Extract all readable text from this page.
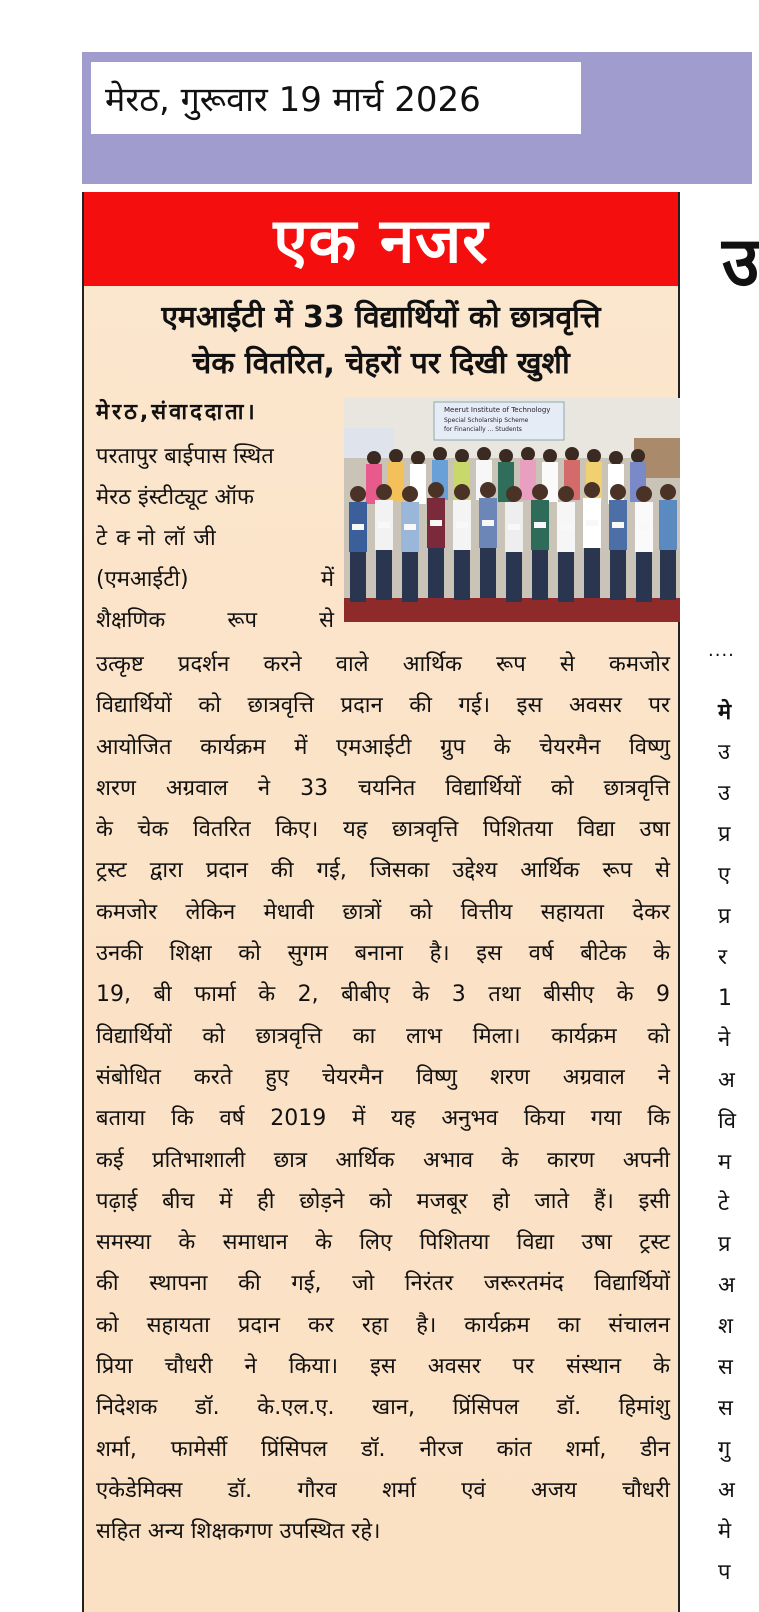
मेरठ, गुरूवार 19 मार्च 2026
एक नजर
एमआईटी में 33 विद्यार्थियों को छात्रवृत्ति
चेक वितरित, चेहरों पर दिखी खुशी
मेरठ,संवाददाता।
परतापुर बाईपास स्थित
मेरठ इंस्टीट्यूट ऑफ
टेक्नोलॉजी
(एमआईटी) में
शैक्षणिक रूप से
Meerut Institute of Technology
Special Scholarship Scheme
for Financially ... Students
उत्कृष्ट प्रदर्शन करने वाले आर्थिक रूप से कमजोर
विद्यार्थियों को छात्रवृत्ति प्रदान की गई। इस अवसर पर
आयोजित कार्यक्रम में एमआईटी ग्रुप के चेयरमैन विष्णु
शरण अग्रवाल ने 33 चयनित विद्यार्थियों को छात्रवृत्ति
के चेक वितरित किए। यह छात्रवृत्ति पिशितया विद्या उषा
ट्रस्ट द्वारा प्रदान की गई, जिसका उद्देश्य आर्थिक रूप से
कमजोर लेकिन मेधावी छात्रों को वित्तीय सहायता देकर
उनकी शिक्षा को सुगम बनाना है। इस वर्ष बीटेक के
19, बी फार्मा के 2, बीबीए के 3 तथा बीसीए के 9
विद्यार्थियों को छात्रवृत्ति का लाभ मिला। कार्यक्रम को
संबोधित करते हुए चेयरमैन विष्णु शरण अग्रवाल ने
बताया कि वर्ष 2019 में यह अनुभव किया गया कि
कई प्रतिभाशाली छात्र आर्थिक अभाव के कारण अपनी
पढ़ाई बीच में ही छोड़ने को मजबूर हो जाते हैं। इसी
समस्या के समाधान के लिए पिशितया विद्या उषा ट्रस्ट
की स्थापना की गई, जो निरंतर जरूरतमंद विद्यार्थियों
को सहायता प्रदान कर रहा है। कार्यक्रम का संचालन
प्रिया चौधरी ने किया। इस अवसर पर संस्थान के
निदेशक डॉ. के.एल.ए. खान, प्रिंसिपल डॉ. हिमांशु
शर्मा, फामेर्सी प्रिंसिपल डॉ. नीरज कांत शर्मा, डीन
एकेडेमिक्स डॉ. गौरव शर्मा एवं अजय चौधरी
सहित अन्य शिक्षकगण उपस्थित रहे।
उ
....
मे
उ
उ
प्र
ए
प्र
र
1
ने
अ
वि
म
टे
प्र
अ
श
स
स
गु
अ
मे
प
